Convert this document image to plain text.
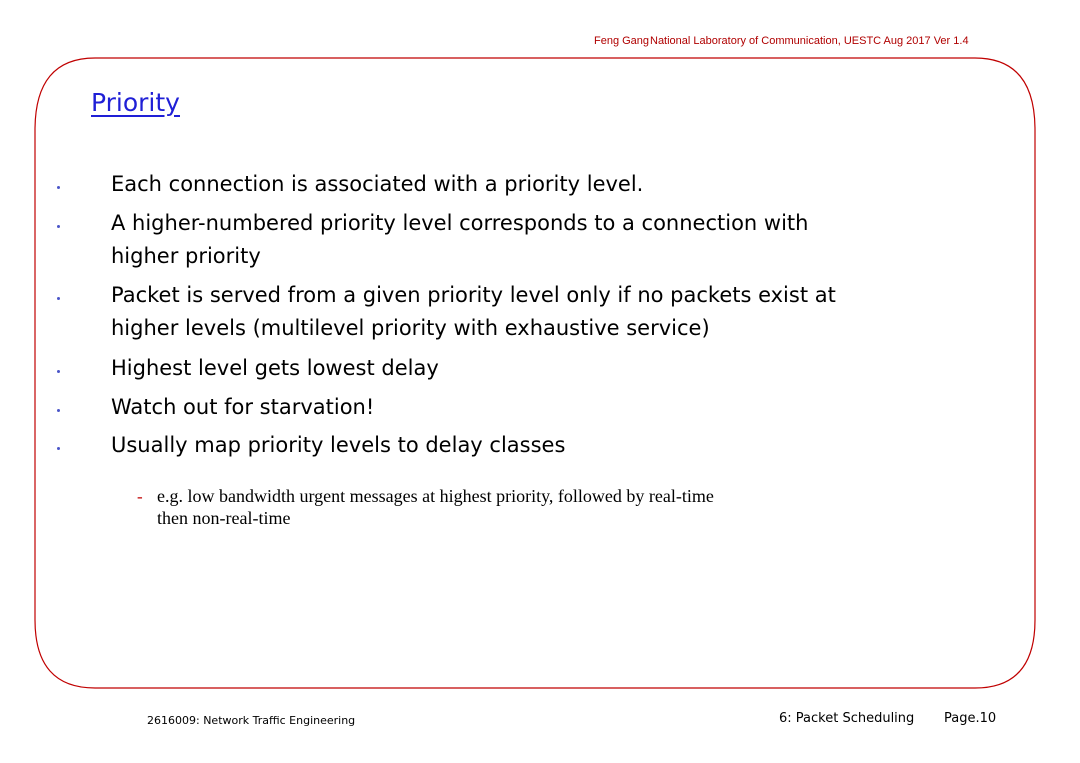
Feng Gang National Laboratory of Communication, UESTC Aug 2017 Ver 1.4
Priority
Each connection is associated with a priority level.
A higher-numbered priority level corresponds to a connection with
higher priority
Packet is served from a given priority level only if no packets exist at
higher levels (multilevel priority with exhaustive service)
Highest level gets lowest delay
Watch out for starvation!
Usually map priority levels to delay classes
- e.g. low bandwidth urgent messages at highest priority, followed by real-time
then non-real-time
2616009: Network Traffic Engineering	6: Packet Scheduling Page.10
